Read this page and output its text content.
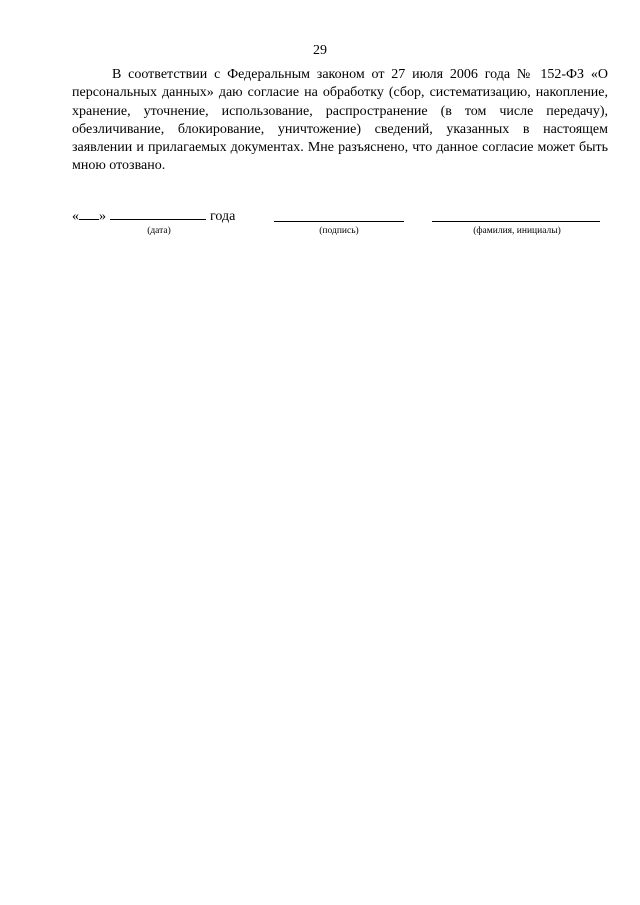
29

В соответствии с Федеральным законом от 27 июля 2006 года № 152-ФЗ «О персональных данных» даю согласие на обработку (сбор, систематизацию, накопление, хранение, уточнение, использование, распространение (в том числе передачу), обезличивание, блокирование, уничтожение) сведений, указанных в настоящем заявлении и прилагаемых документах. Мне разъяснено, что данное согласие может быть мною отозвано.

« »	года
(дата)	(подпись)	(фамилия, инициалы)
